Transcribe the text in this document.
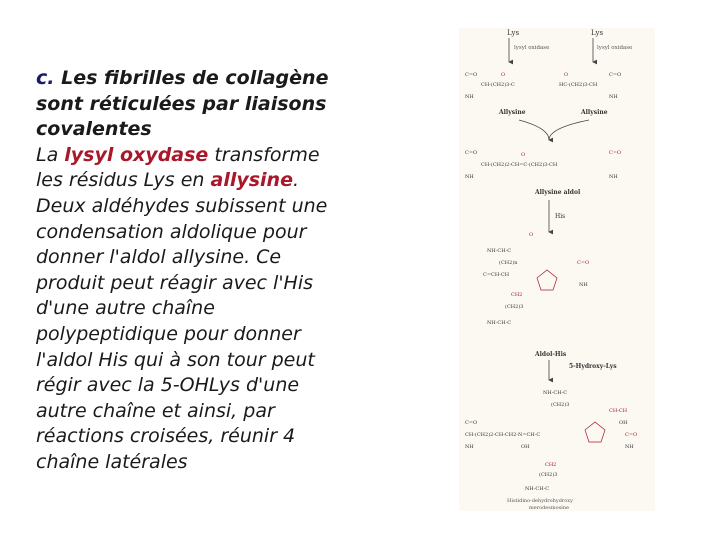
c. Les fibrilles de collagène
sont réticulées par liaisons
covalentes
La lysyl oxydase transforme
les résidus Lys en allysine.
Deux aldéhydes subissent une
condensation aldolique pour
donner l'aldol allysine. Ce
produit peut réagir avec l'His
d'une autre chaîne
polypeptidique pour donner
l'aldol His qui à son tour peut
régir avec la 5-OHLys d'une
autre chaîne et ainsi, par
réactions croisées, réunir 4
chaîne latérales
Lys	Lys
lysyl oxidase	lysyl oxidase
C=O
CH-(CH2)3-C
NH
O
HC-(CH2)3-CH
C=O
NH
O
Allysine	Allysine
C=O
CH-(CH2)2-CH=C-(CH2)3-CH
C=O
NH	NH
O
Allysine aldol
His
NH-CH-C
(CH2)n
C=CH-CH
C=O
NH
CH2
(CH2)3
NH-CH-C
O
Aldol-His
5-Hydroxy-Lys
NH-CH-C
(CH2)3
C=O
CH-(CH2)2-CH-CH2-N=CH-C
NH	OH
CH-CH
OH
C=O
NH
CH2
(CH2)3
NH-CH-C
Histidino-dehydrohydroxy
merodesmosine
